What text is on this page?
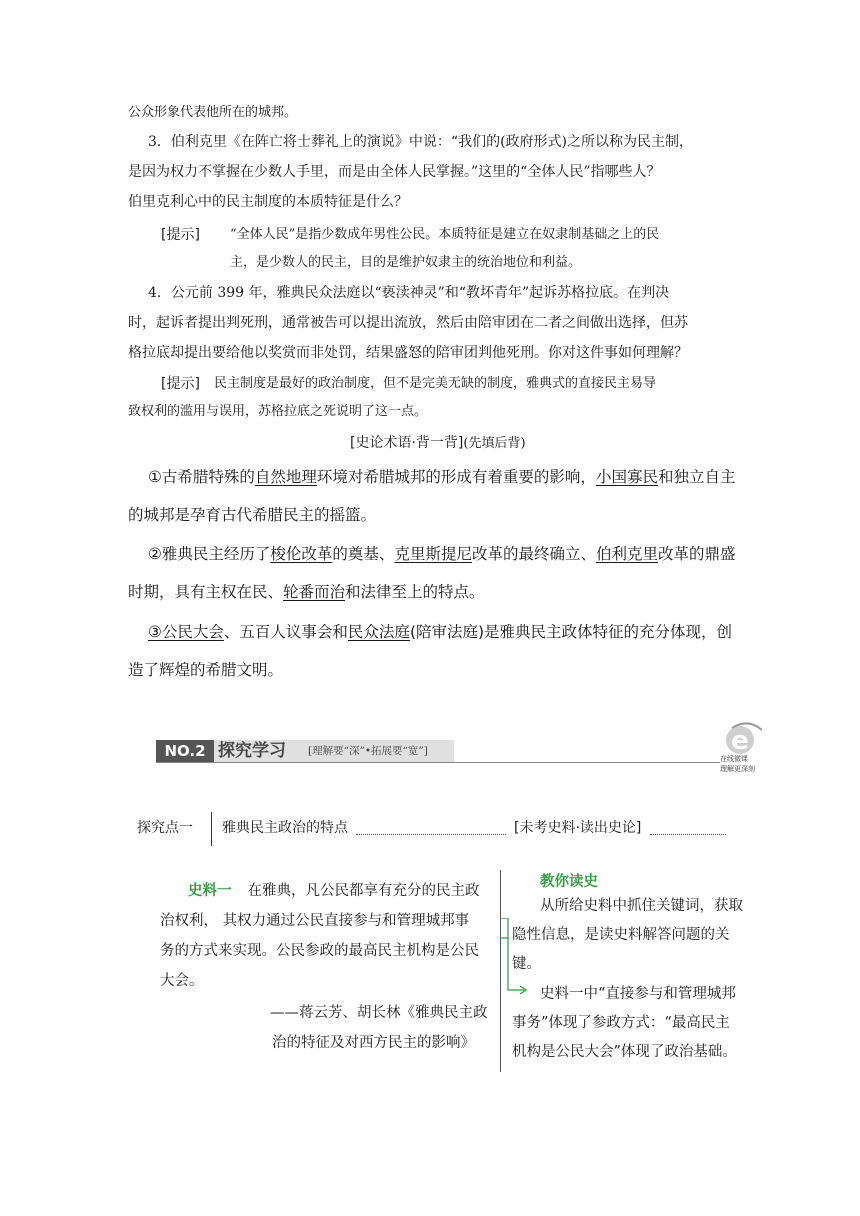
公众形象代表他所在的城邦。
3．伯利克里《在阵亡将士葬礼上的演说》中说：“我们的(政府形式)之所以称为民主制，
是因为权力不掌握在少数人手里，而是由全体人民掌握。”这里的“全体人民”指哪些人？
伯里克利心中的民主制度的本质特征是什么？
[提示] “全体人民”是指少数成年男性公民。本质特征是建立在奴隶制基础之上的民
主，是少数人的民主，目的是维护奴隶主的统治地位和利益。
4．公元前 399 年，雅典民众法庭以“亵渎神灵”和“教坏青年”起诉苏格拉底。在判决
时，起诉者提出判死刑，通常被告可以提出流放，然后由陪审团在二者之间做出选择，但苏
格拉底却提出要给他以奖赏而非处罚，结果盛怒的陪审团判他死刑。你对这件事如何理解？
[提示] 民主制度是最好的政治制度，但不是完美无缺的制度，雅典式的直接民主易导
致权利的滥用与误用，苏格拉底之死说明了这一点。
[史论术语·背一背](先填后背)
①古希腊特殊的自然地理环境对希腊城邦的形成有着重要的影响，小国寡民和独立自主
的城邦是孕育古代希腊民主的摇篮。
②雅典民主经历了梭伦改革的奠基、克里斯提尼改革的最终确立、伯利克里改革的鼎盛
时期，具有主权在民、轮番而治和法律至上的特点。
③公民大会、五百人议事会和民众法庭(陪审法庭)是雅典民主政体特征的充分体现，创
造了辉煌的希腊文明。
NO.2 探究学习 [理解要“深”•拓展要“宽”]	e
在线微课
理解更深刻
探究点一 雅典民主政治的特点	[未考史料·读出史论]
史料一 在雅典，凡公民都享有充分的民主政
治权利， 其权力通过公民直接参与和管理城邦事
务的方式来实现。公民参政的最高民主机构是公民
大会。
——蒋云芳、胡长林《雅典民主政
治的特征及对西方民主的影响》
教你读史
从所给史料中抓住关键词，获取
隐性信息，是读史料解答问题的关
键。
史料一中“直接参与和管理城邦
事务”体现了参政方式：“最高民主
机构是公民大会”体现了政治基础。
